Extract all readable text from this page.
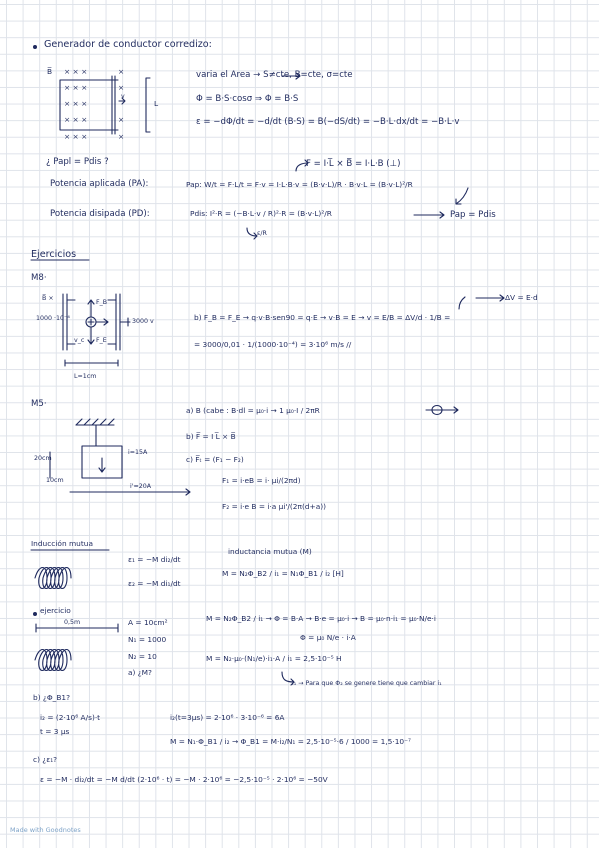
Generador de conductor corredizo:
B̅ × × ×
× × ×
× × ×
× × ×
× × ×
×
×
×
×
v
L
varia el Area → S≠cte, B=cte, σ=cte
Φ = B·S·cosσ ⇒ Φ = B·S
ε = −dΦ/dt = −d/dt (B·S) = B(−dS/dt) = −B·L·dx/dt = −B·L·v
¿ Papl = Pdis ?	F = I·L̅ × B̅ = I·L·B (⊥)
Potencia aplicada (PA):	Pap: W/t = F·L/t = F·v = I·L·B·v = (B·v·L)/R · B·v·L = (B·v·L)²/R
Potencia disipada (PD):	Pdis: I²·R = (−B·L·v / R)²·R = (B·v·L)²/R	Pap = Pdis
ε/R
Ejercicios
M8·
B̅ ×
1000 ·10⁻⁴
F_B
F_E
v_c
3000 v
L=1cm
ΔV = E·d
b) F_B = F_E → q·v·B·sen90 = q·E → v·B = E → v = E/B = ΔV/d · 1/B =
= 3000/0,01 · 1/(1000·10⁻⁴) = 3·10⁶ m/s //
M5·
a) B (cabe : B·dl = μ₀·i → 1 μ₀·I / 2πR
b) F̅ = I L̅ × B̅
c) F̅ₜ = (F₁ − F₂)
F₁ = i·eB = i· μi/(2πd)
F₂ = i·e B = i·a μi'/(2π(d+a))
20cm
10cm
i=15A
i'=20A
Inducción mutua
ε₁ = −M di₂/dt
ε₂ = −M di₁/dt
inductancia mutua (M)
M = N₂Φ_B2 / i₁ = N₁Φ_B1 / i₂ [H]
ejercicio
0,5m	A = 10cm²
N₁ = 1000
N₂ = 10
a) ¿M?
M = N₂Φ_B2 / i₁ → Φ = B·A → B·e = μ₀·i → B = μ₀·n·i₁ = μ₀·N/e·i
Φ = μ₀ N/e · i·A
M = N₂·μ₀·(N₁/e)·i₁·A / i₁ = 2,5·10⁻⁵ H
i₁ → Para que Φ₂ se genere tiene que cambiar i₁
b) ¿Φ_B1?
i₂ = (2·10⁶ A/s)·t
t = 3 μs
i₂(t=3μs) = 2·10⁶ · 3·10⁻⁶ = 6A
M = N₁·Φ_B1 / i₂ → Φ_B1 = M·i₂/N₁ = 2,5·10⁻⁵·6 / 1000 = 1,5·10⁻⁷
c) ¿ε₁?
ε = −M · di₂/dt = −M d/dt (2·10⁶ · t) = −M · 2·10⁶ = −2,5·10⁻⁵ · 2·10⁶ = −50V
Made with Goodnotes
